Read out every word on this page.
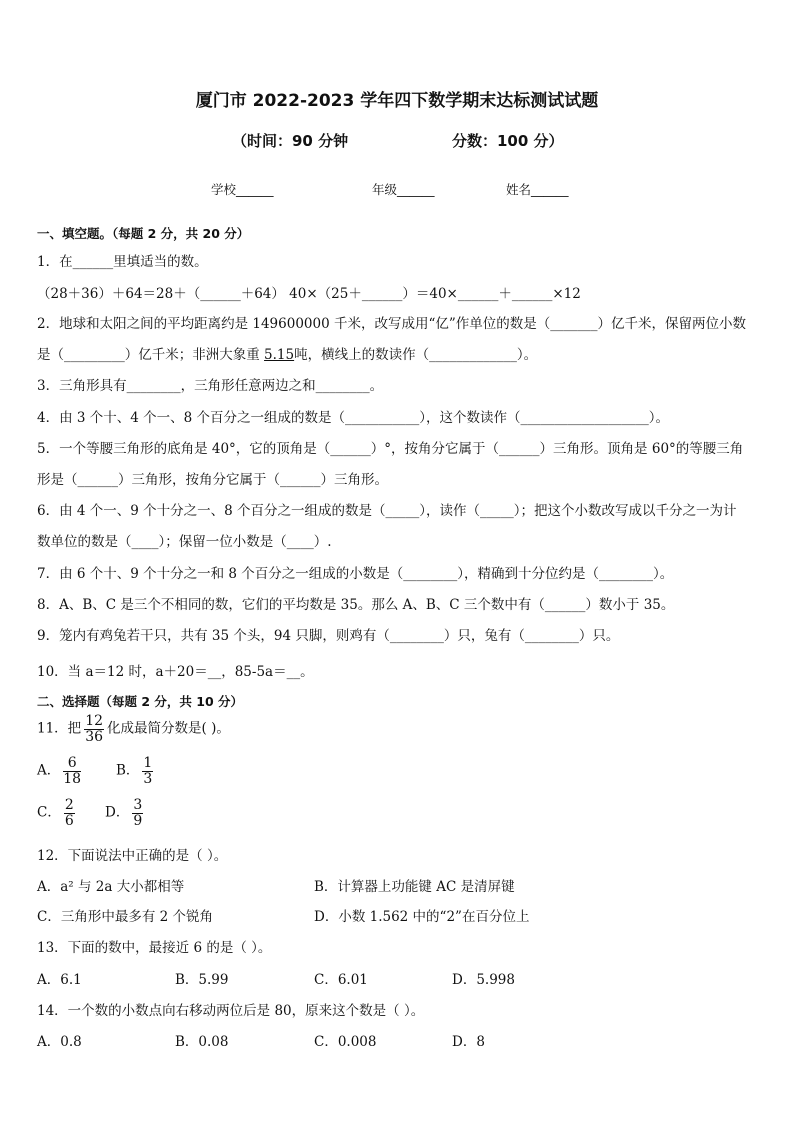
厦门市 2022-2023 学年四下数学期末达标测试试题
（时间：90 分钟	分数：100 分）
学校______	年级______	姓名______
一、填空题。（每题 2 分，共 20 分）
1．在______里填适当的数。
（28＋36）＋64＝28＋（______＋64） 40×（25＋______）＝40×______＋______×12
2．地球和太阳之间的平均距离约是 149600000 千米，改写成用“亿”作单位的数是（_______）亿千米，保留两位小数
是（_________）亿千米；非洲大象重 5.15吨，横线上的数读作（_____________）。
3．三角形具有________，三角形任意两边之和________。
4．由 3 个十、4 个一、8 个百分之一组成的数是（___________），这个数读作（___________________）。
5．一个等腰三角形的底角是 40°，它的顶角是（______）°，按角分它属于（______）三角形。顶角是 60°的等腰三角
形是（______）三角形，按角分它属于（______）三角形。
6．由 4 个一、9 个十分之一、8 个百分之一组成的数是（_____），读作（_____）；把这个小数改写成以千分之一为计
数单位的数是（____）；保留一位小数是（____）.
7．由 6 个十、9 个十分之一和 8 个百分之一组成的小数是（________），精确到十分位约是（________）。
8．A、B、C 是三个不相同的数，它们的平均数是 35。那么 A、B、C 三个数中有（______）数小于 35。
9．笼内有鸡兔若干只，共有 35 个头，94 只脚，则鸡有（________）只，兔有（________）只。
10．当 a＝12 时，a＋20＝__，85-5a＝__。
二、选择题（每题 2 分，共 10 分）
11．把 $\frac{12}{36}$ 化成最简分数是( )。
A． $\frac{6}{18}$	B． $\frac{1}{3}$
C． $\frac{2}{6}$ D． $\frac{3}{9}$
12．下面说法中正确的是（ ）。
A．a² 与 2a 大小都相等	B．计算器上功能键 AC 是清屏键
C．三角形中最多有 2 个锐角	D．小数 1.562 中的“2”在百分位上
13．下面的数中，最接近 6 的是（ ）。
A．6.1	B．5.99	C．6.01	D．5.998
14．一个数的小数点向右移动两位后是 80，原来这个数是（ ）。
A．0.8	B．0.08	C．0.008	D．8
